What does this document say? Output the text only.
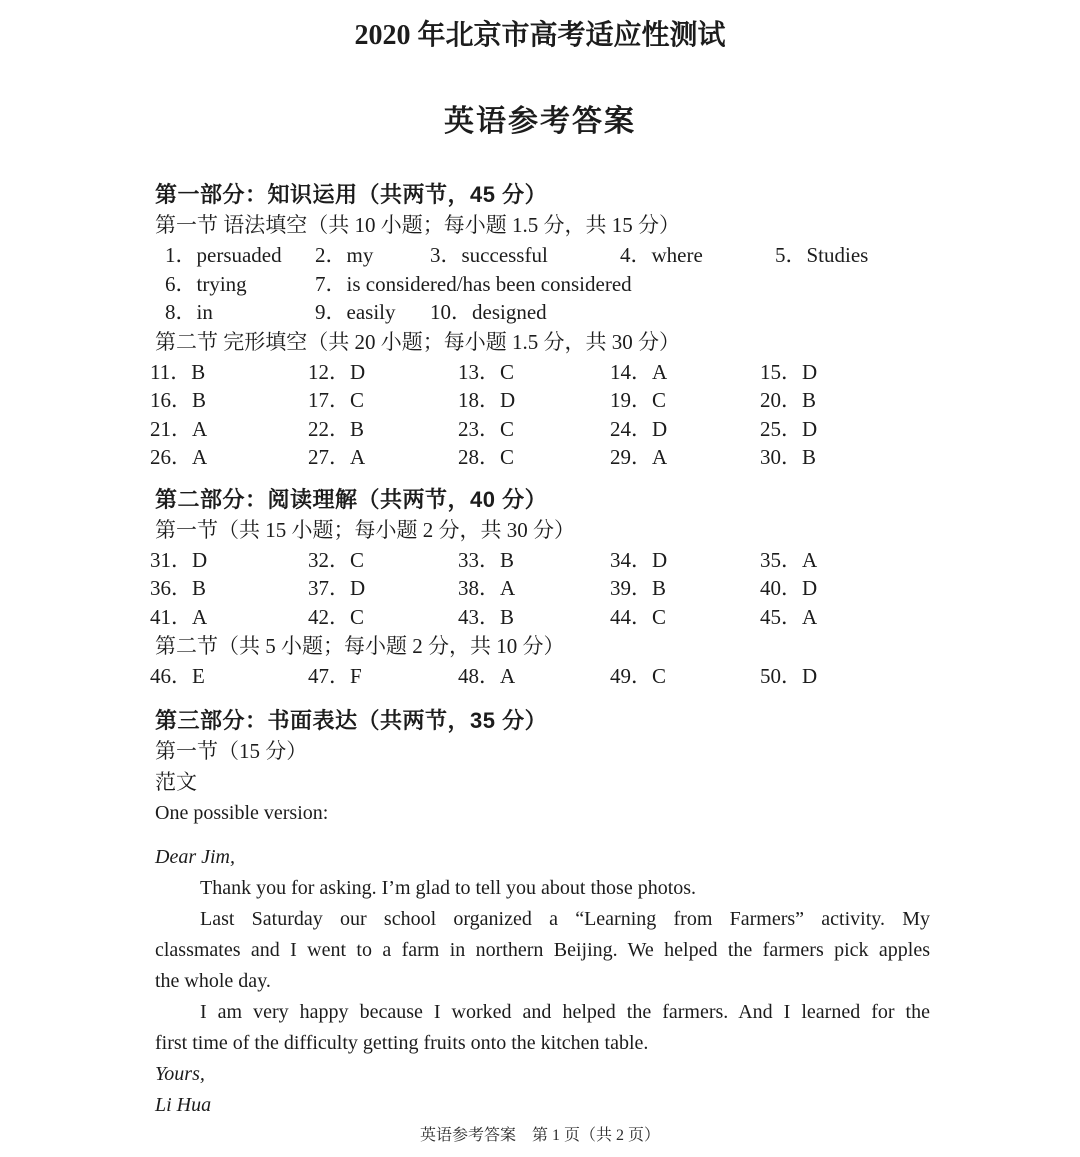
2020 年北京市高考适应性测试
英语参考答案
第一部分：知识运用（共两节，45 分）
第一节 语法填空（共 10 小题；每小题 1.5 分，共 15 分）
1．persuaded	2．my	3．successful	4．where	5．Studies
6．trying	7．is considered/has been considered
8．in	9．easily	10．designed
第二节 完形填空（共 20 小题；每小题 1.5 分，共 30 分）
11．B	12．D	13．C	14．A	15．D
16．B	17．C	18．D	19．C	20．B
21．A	22．B	23．C	24．D	25．D
26．A	27．A	28．C	29．A	30．B
第二部分：阅读理解（共两节，40 分）
第一节（共 15 小题；每小题 2 分，共 30 分）
31．D	32．C	33．B	34．D	35．A
36．B	37．D	38．A	39．B	40．D
41．A	42．C	43．B	44．C	45．A
第二节（共 5 小题；每小题 2 分，共 10 分）
46．E	47．F	48．A	49．C	50．D
第三部分：书面表达（共两节，35 分）
第一节（15 分）
范文
One possible version:
Dear Jim,
Thank you for asking. I’m glad to tell you about those photos.
Last Saturday our school organized a “Learning from Farmers” activity. My
classmates and I went to a farm in northern Beijing. We helped the farmers pick apples
the whole day.
I am very happy because I worked and helped the farmers. And I learned for the
first time of the difficulty getting fruits onto the kitchen table.
Yours,
Li Hua
英语参考答案　第 1 页（共 2 页）
